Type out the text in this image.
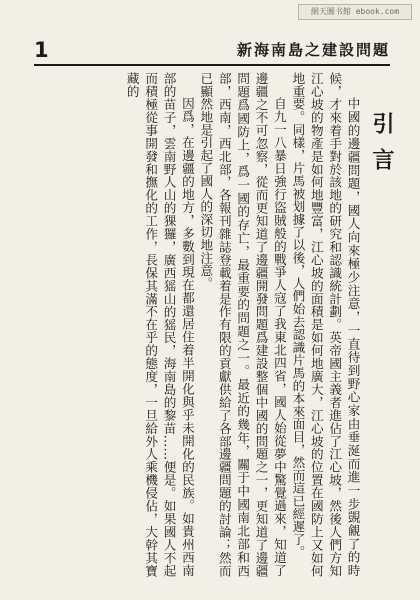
網天圖书館 ebook.com
1	新海南島之建設問題
引言

中國的邊疆問題，國人向來極少注意，一直待到野心家由垂涎而進一步覬覦了的時候，才來着手對於該地的研究和認識統計劃。英帝國主義者進佔了江心坡，然後人們方知江心坡的物產是如何地豐富，江心坡的面積是如何地廣大，江心坡的位置在國防上又如何地重要。同樣，片馬被划據了以後，人們始去認識片馬的本來面目，然而這已經遲了。

自九一八暴日強行盜賊般的戰爭人寇了我東北四省，國人始從夢中驚覺過來，知道了邊疆之不可忽察，從而更知道了邊疆開發問題爲建設整個中國的問題之一，更知道了邊疆問題爲國防上，爲一國的存亡，最重要的問題之一。最近的幾年，關于中國南北部和西部，西南，西北部，各報刊雜誌登載着是作有限的貢獻供給了各部邊疆問題的討論；然而已顯然地是引起了國人的深切地注意。

因爲，在邊疆的地方，多數到現在都還居住着半開化與乎未開化的民族。如貴州西南部的苗子，雲南野人山的猓玀，廣西猺山的猺民，海南島的黎苗……便是。如果國人不起而積極從事開發和撫化的工作，長保其滿不在乎的態度，一旦給外人乘機侵佔，大幹其寶藏的
